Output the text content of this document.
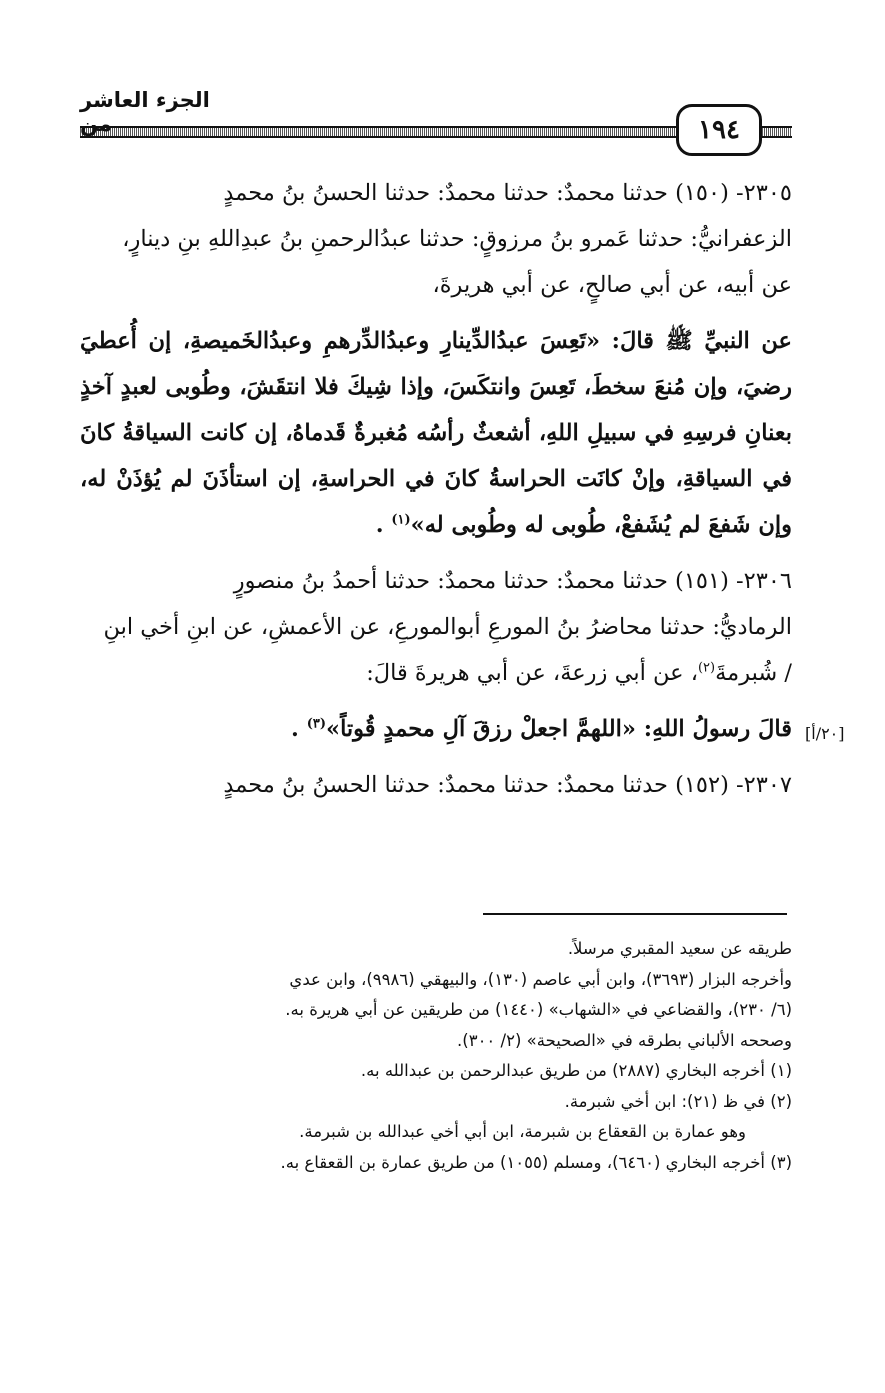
الجزء العاشر من	١٩٤

٢٣٠٥- (١٥٠) حدثنا محمدٌ: حدثنا محمدٌ: حدثنا الحسنُ بنُ محمدٍ

الزعفرانيُّ: حدثنا عَمرو بنُ مرزوقٍ: حدثنا عبدُالرحمنِ بنُ عبدِاللهِ بنِ دينارٍ،

عن أبيه، عن أبي صالحٍ، عن أبي هريرةَ،

عن النبيِّ ﷺ قالَ: «تَعِسَ عبدُالدِّينارِ وعبدُالدِّرهمِ وعبدُالخَميصةِ، إن أُعطيَ رضيَ، وإن مُنعَ سخطَ، تَعِسَ وانتكَسَ، وإذا شِيكَ فلا انتقَشَ، وطُوبى لعبدٍ آخذٍ بعنانِ فرسِهِ في سبيلِ اللهِ، أشعثٌ رأسُه مُغبرةٌ قَدماهُ، إن كانت السياقةُ كانَ في السياقةِ، وإنْ كانَت الحراسةُ كانَ في الحراسةِ، إن استأذَنَ لم يُؤذَنْ له، وإن شَفعَ لم يُشَفعْ، طُوبى له وطُوبى له»$^{(١)}$ .

٢٣٠٦- (١٥١) حدثنا محمدٌ: حدثنا محمدٌ: حدثنا أحمدُ بنُ منصورٍ

الرماديُّ: حدثنا محاضرُ بنُ المورعِ أبوالمورعِ، عن الأعمشِ، عن ابنِ أخي ابنِ

/ شُبرمةَ$^{(٢)}$، عن أبي زرعةَ، عن أبي هريرةَ قالَ:

قالَ رسولُ اللهِ: «اللهمَّ اجعلْ رزقَ آلِ محمدٍ قُوتاً»$^{(٣)}$ .

٢٣٠٧- (١٥٢) حدثنا محمدٌ: حدثنا محمدٌ: حدثنا الحسنُ بنُ محمدٍ

[٢٠/أ]

طريقه عن سعيد المقبري مرسلاً.

وأخرجه البزار (٣٦٩٣)، وابن أبي عاصم (١٣٠)، والبيهقي (٩٩٨٦)، وابن عدي

(٦/ ٢٣٠)، والقضاعي في «الشهاب» (١٤٤٠) من طريقين عن أبي هريرة به.

وصححه الألباني بطرقه في «الصحيحة» (٢/ ٣٠٠).

(١) أخرجه البخاري (٢٨٨٧) من طريق عبدالرحمن بن عبدالله به.

(٢) في ظ (٢١): ابن أخي شبرمة.

وهو عمارة بن القعقاع بن شبرمة، ابن أبي أخي عبدالله بن شبرمة.

(٣) أخرجه البخاري (٦٤٦٠)، ومسلم (١٠٥٥) من طريق عمارة بن القعقاع به.
